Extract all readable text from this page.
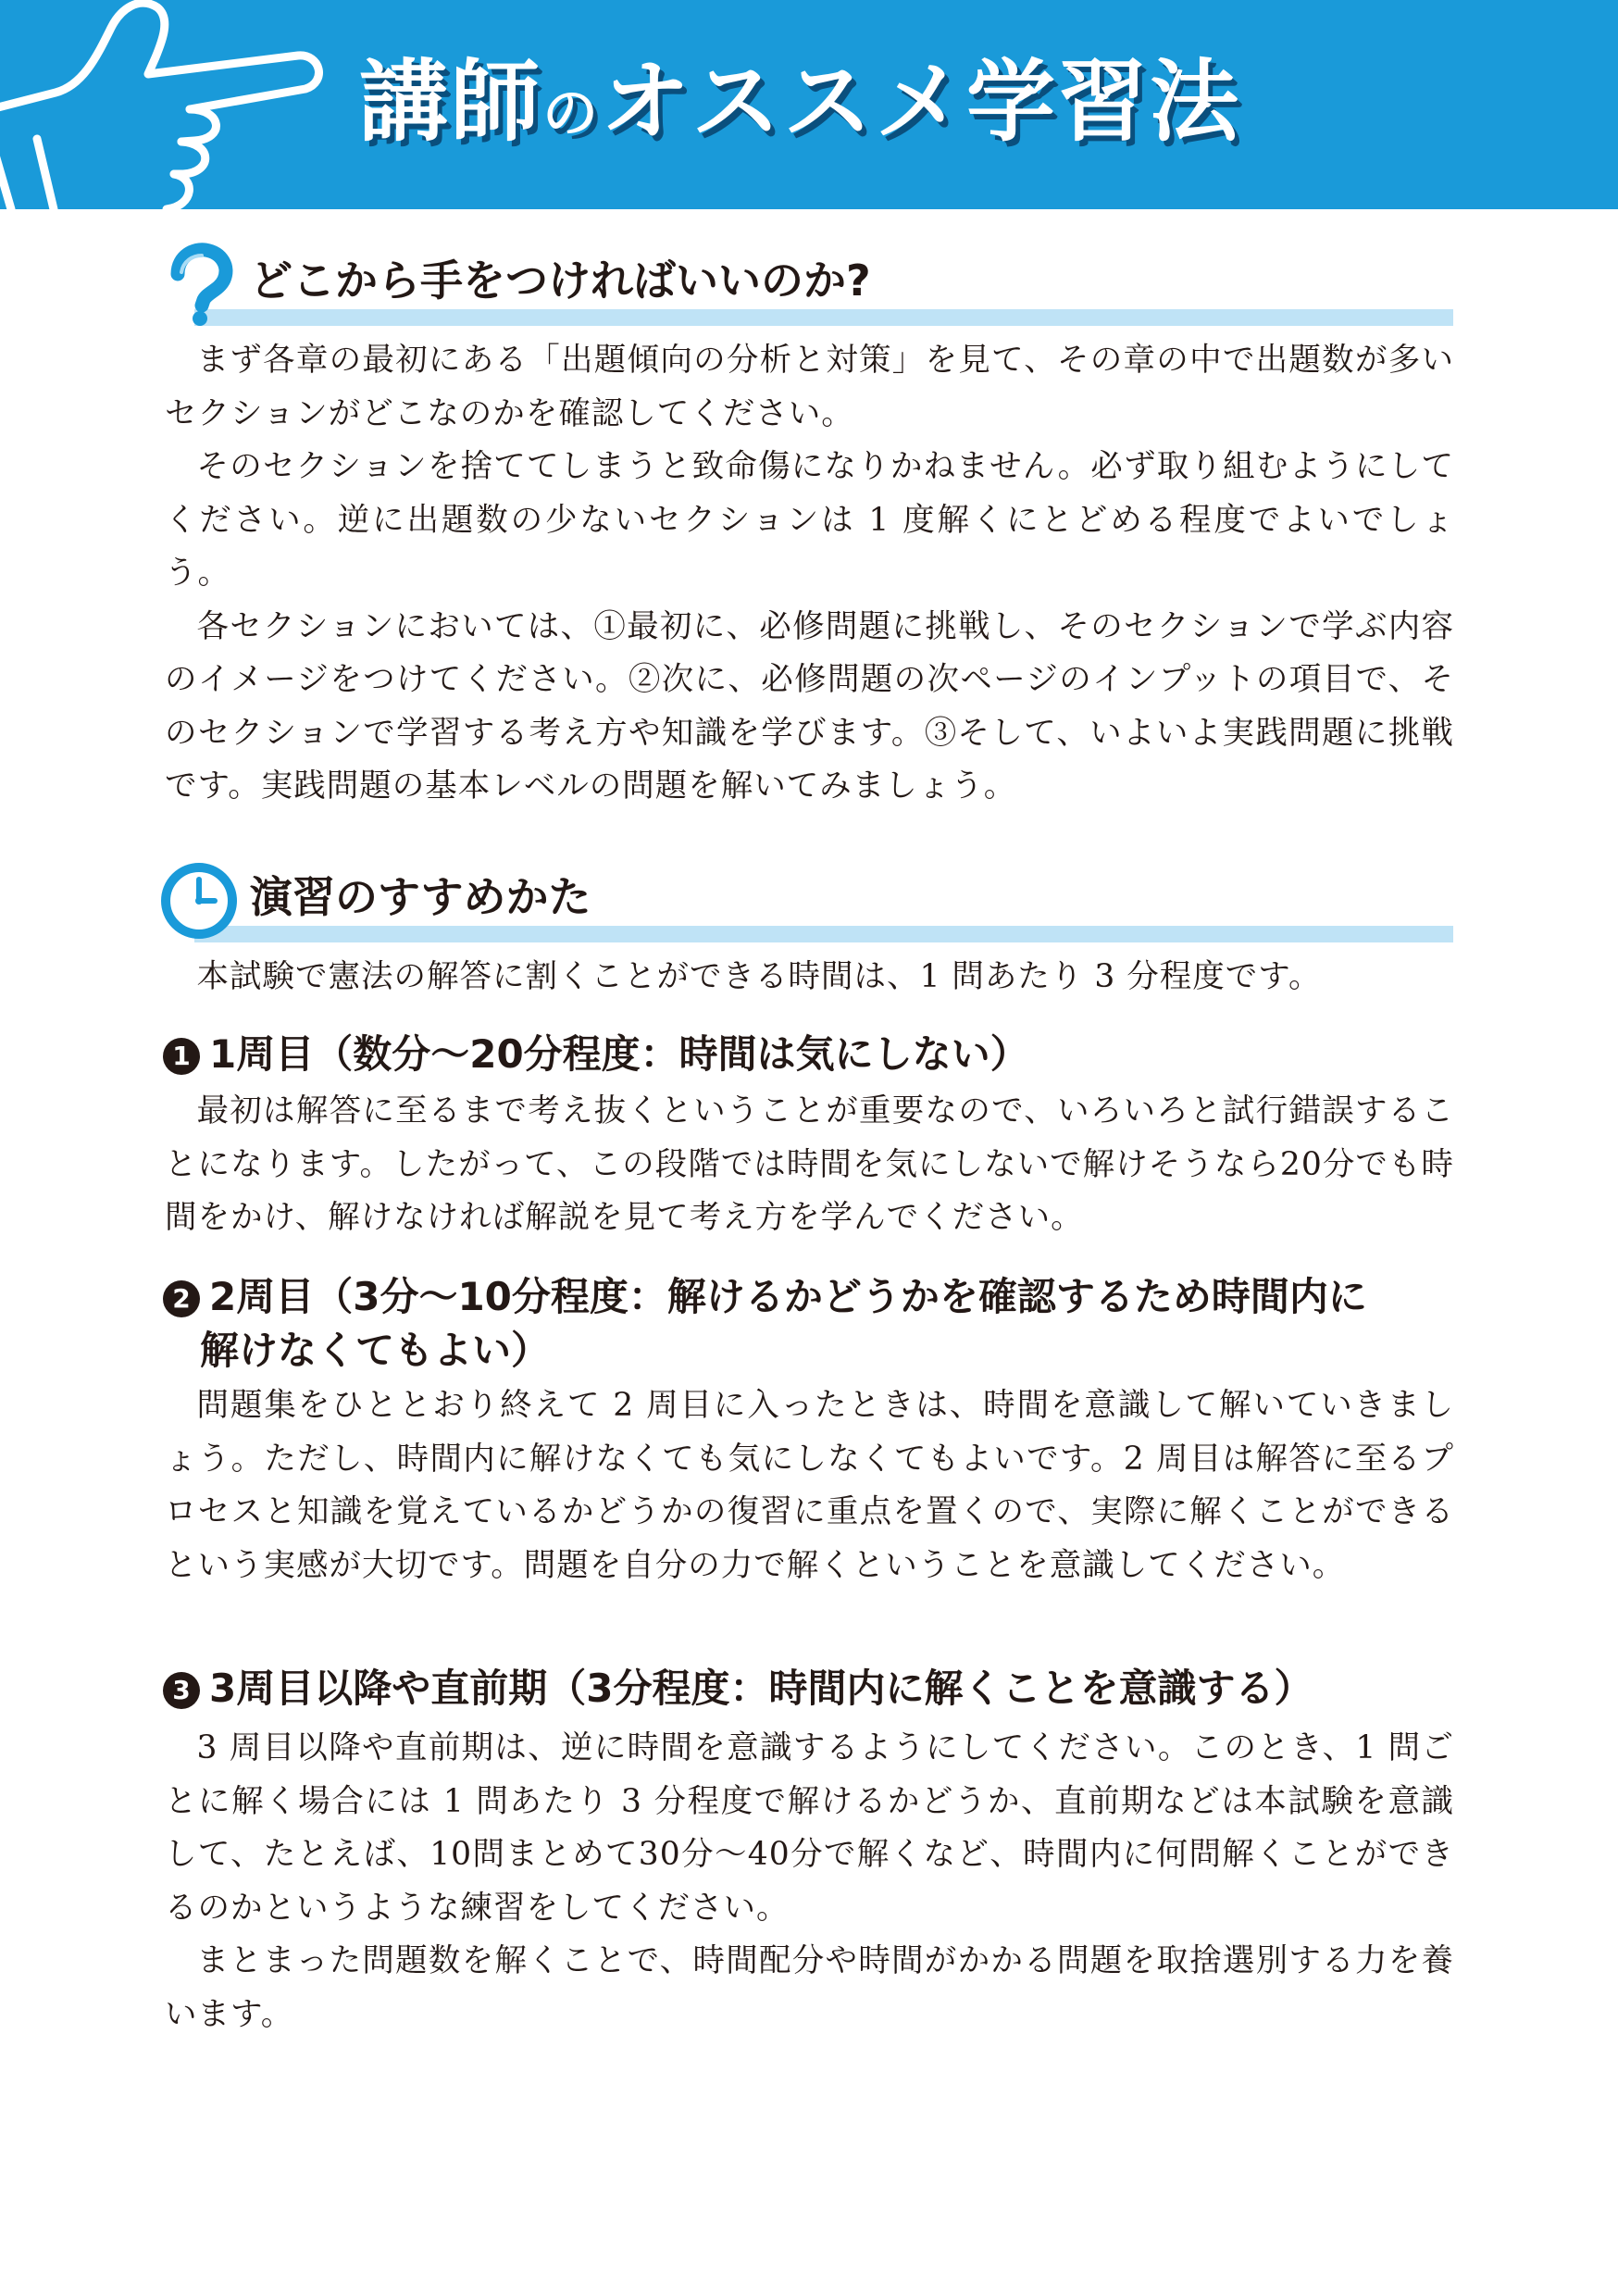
講師のオススメ学習法
どこから手をつければいいのか?

まず各章の最初にある「出題傾向の分析と対策」を見て、その章の中で出題数が多いセクションがどこなのかを確認してください。

そのセクションを捨ててしまうと致命傷になりかねません。必ず取り組むようにしてください。逆に出題数の少ないセクションは 1 度解くにとどめる程度でよいでしょう。

各セクションにおいては、①最初に、必修問題に挑戦し、そのセクションで学ぶ内容のイメージをつけてください。②次に、必修問題の次ページのインプットの項目で、そのセクションで学習する考え方や知識を学びます。③そして、いよいよ実践問題に挑戦です。実践問題の基本レベルの問題を解いてみましょう。

演習のすすめかた

本試験で憲法の解答に割くことができる時間は、1 問あたり 3 分程度です。

1 1周目（数分〜20分程度：時間は気にしない）

最初は解答に至るまで考え抜くということが重要なので、いろいろと試行錯誤することになります。したがって、この段階では時間を気にしないで解けそうなら20分でも時間をかけ、解けなければ解説を見て考え方を学んでください。

2 2周目（3分〜10分程度：解けるかどうかを確認するため時間内に
解けなくてもよい）

問題集をひととおり終えて 2 周目に入ったときは、時間を意識して解いていきましょう。ただし、時間内に解けなくても気にしなくてもよいです。2 周目は解答に至るプロセスと知識を覚えているかどうかの復習に重点を置くので、実際に解くことができるという実感が大切です。問題を自分の力で解くということを意識してください。

3 3周目以降や直前期（3分程度：時間内に解くことを意識する）

3 周目以降や直前期は、逆に時間を意識するようにしてください。このとき、1 問ごとに解く場合には 1 問あたり 3 分程度で解けるかどうか、直前期などは本試験を意識して、たとえば、10問まとめて30分〜40分で解くなど、時間内に何問解くことができるのかというような練習をしてください。

まとまった問題数を解くことで、時間配分や時間がかかる問題を取捨選別する力を養います。
